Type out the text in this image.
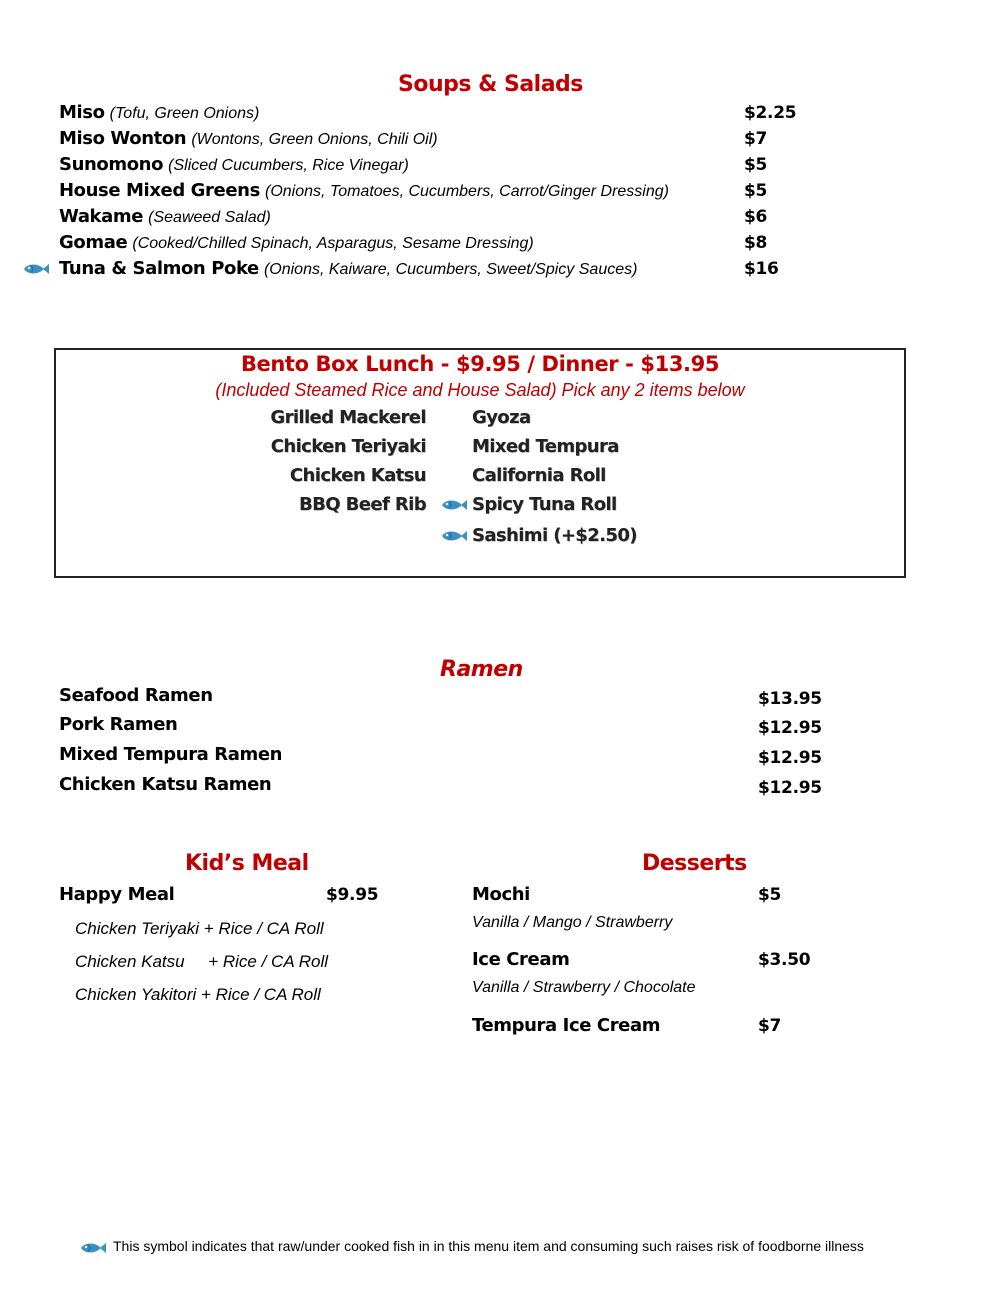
Soups & Salads
Miso (Tofu, Green Onions)	$2.25
Miso Wonton (Wontons, Green Onions, Chili Oil)	$7
Sunomono (Sliced Cucumbers, Rice Vinegar)	$5
House Mixed Greens (Onions, Tomatoes, Cucumbers, Carrot/Ginger Dressing)	$5
Wakame (Seaweed Salad)	$6
Gomae (Cooked/Chilled Spinach, Asparagus, Sesame Dressing)	$8
Tuna & Salmon Poke (Onions, Kaiware, Cucumbers, Sweet/Spicy Sauces)	$16
Bento Box Lunch - $9.95 / Dinner - $13.95
(Included Steamed Rice and House Salad) Pick any 2 items below
Grilled Mackerel
Chicken Teriyaki
Chicken Katsu
BBQ Beef Rib
Gyoza
Mixed Tempura
California Roll
Spicy Tuna Roll
Sashimi (+$2.50)
Ramen
Seafood Ramen	$13.95
Pork Ramen	$12.95
Mixed Tempura Ramen	$12.95
Chicken Katsu Ramen	$12.95
Kid’s Meal
Happy Meal	$9.95
Chicken Teriyaki + Rice / CA Roll
Chicken Katsu     + Rice / CA Roll
Chicken Yakitori + Rice / CA Roll
Desserts
Mochi	$5
Vanilla / Mango / Strawberry
Ice Cream	$3.50
Vanilla / Strawberry / Chocolate
Tempura Ice Cream	$7
This symbol indicates that raw/under cooked fish in in this menu item and consuming such raises risk of foodborne illness
